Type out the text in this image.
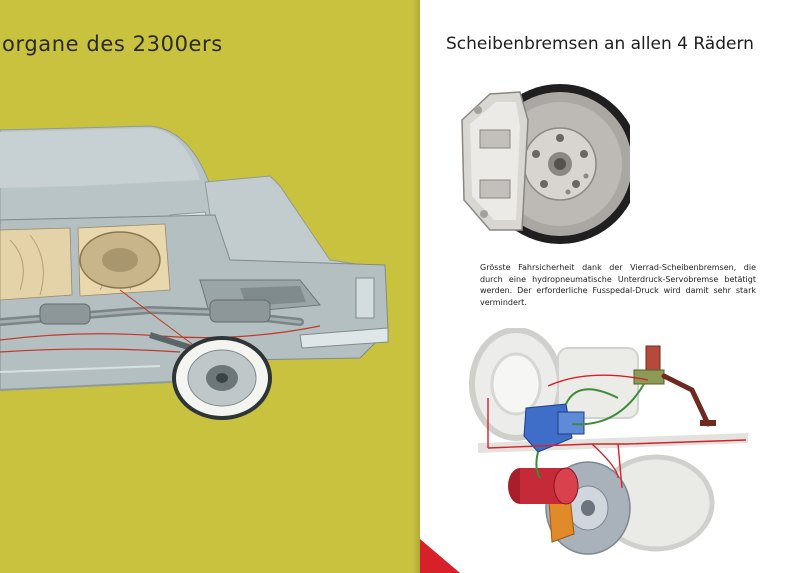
organe des 2300ers	Scheibenbremsen an allen 4 Rädern
Grösste Fahrsicherheit dank der Vierrad-Scheibenbremsen, die durch eine hydropneumatische Unterdruck-Servobremse betätigt werden. Der erforderliche Fusspedal-Druck wird damit sehr stark vermindert.
